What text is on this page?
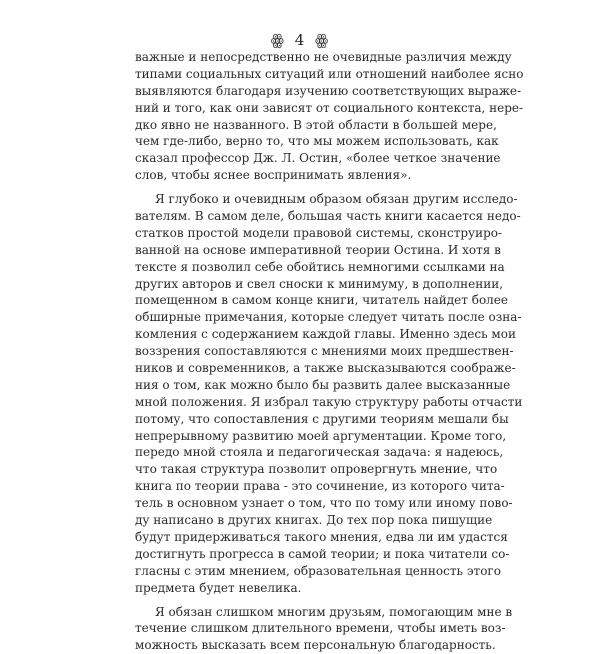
ꙮ 4 ꙮ
важные и непосредственно не очевидные различия между
типами социальных ситуаций или отношений наиболее ясно
выявляются благодаря изучению соответствующих выраже-
ний и того, как они зависят от социального контекста, нере-
дко явно не названного. В этой области в большей мере,
чем где-либо, верно то, что мы можем использовать, как
сказал профессор Дж. Л. Остин, «более четкое значение
слов, чтобы яснее воспринимать явления».
Я глубоко и очевидным образом обязан другим исследо-
вателям. В самом деле, большая часть книги касается недо-
статков простой модели правовой системы, сконструиро-
ванной на основе императивной теории Остина. И хотя в
тексте я позволил себе обойтись немногими ссылками на
других авторов и свел сноски к минимуму, в дополнении,
помещенном в самом конце книги, читатель найдет более
обширные примечания, которые следует читать после озна-
комления с содержанием каждой главы. Именно здесь мои
воззрения сопоставляются с мнениями моих предшествен-
ников и современников, а также высказываются соображе-
ния о том, как можно было бы развить далее высказанные
мной положения. Я избрал такую структуру работы отчасти
потому, что сопоставления с другими теориям мешали бы
непрерывному развитию моей аргументации. Кроме того,
передо мной стояла и педагогическая задача: я надеюсь,
что такая структура позволит опровергнуть мнение, что
книга по теории права - это сочинение, из которого чита-
тель в основном узнает о том, что по тому или иному пово-
ду написано в других книгах. До тех пор пока пишущие
будут придерживаться такого мнения, едва ли им удастся
достигнуть прогресса в самой теории; и пока читатели со-
гласны с этим мнением, образовательная ценность этого
предмета будет невелика.
Я обязан слишком многим друзьям, помогающим мне в
течение слишком длительного времени, чтобы иметь воз-
можность высказать всем персональную благодарность.
